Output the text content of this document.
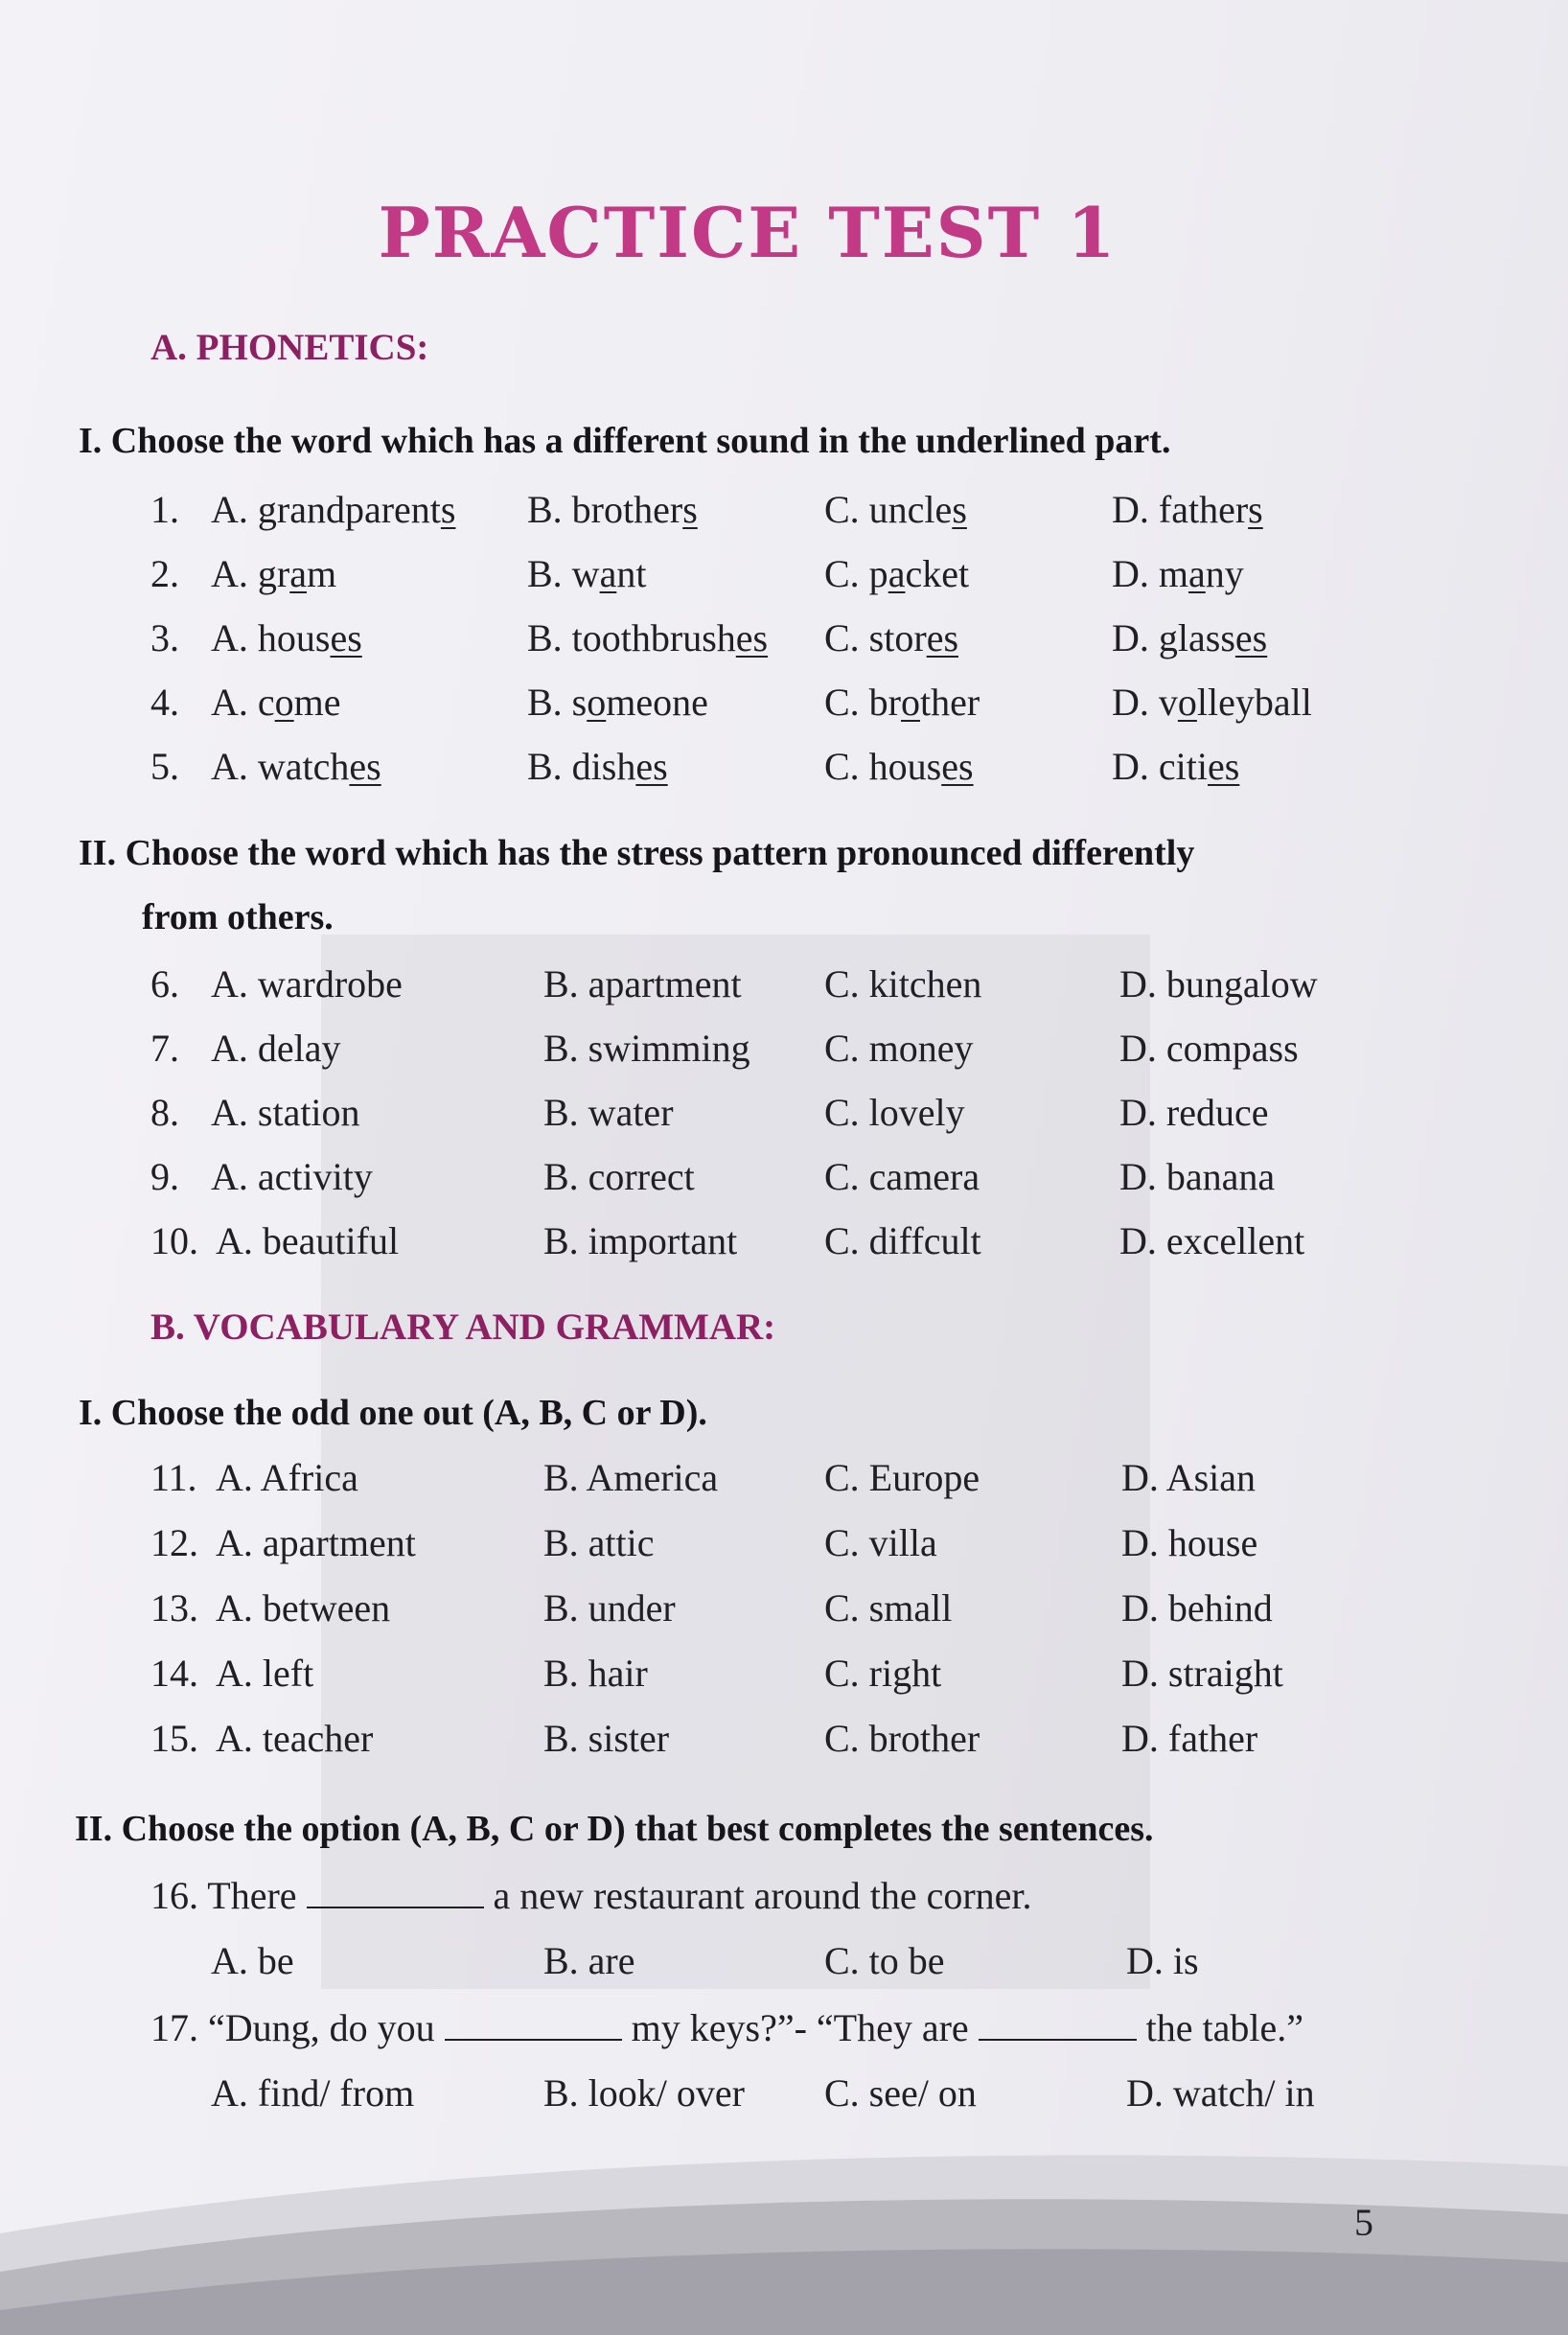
PRACTICE TEST 1
A. PHONETICS:
I. Choose the word which has a different sound in the underlined part.
1. A. grandparents B. brothers	C. uncles	D. fathers
2. A. gram	B. want	C. packet	D. many
3. A. houses	B. toothbrushes C. stores	D. glasses
4. A. come	B. someone	C. brother	D. volleyball
5. A. watches	B. dishes	C. houses	D. cities
II. Choose the word which has the stress pattern pronounced differently
from others.
6. A. wardrobe	B. apartment C. kitchen	D. bungalow
7. A. delay	B. swimming C. money	D. compass
8. A. station	B. water	C. lovely	D. reduce
9. A. activity	B. correct	C. camera	D. banana
10. A. beautiful	B. important C. diffcult	D. excellent
B. VOCABULARY AND GRAMMAR:
I. Choose the odd one out (A, B, C or D).
11. A. Africa	B. America	C. Europe	D. Asian
12. A. apartment	B. attic	C. villa	D. house
13. A. between	B. under	C. small	D. behind
14. A. left	B. hair	C. right	D. straight
15. A. teacher	B. sister	C. brother	D. father
II. Choose the option (A, B, C or D) that best completes the sentences.
16. There	a new restaurant around the corner.
A. be	B. are	C. to be	D. is
17. “Dung, do you	my keys?”- “They are	the table.”
A. find/ from	B. look/ over C. see/ on	D. watch/ in
5
